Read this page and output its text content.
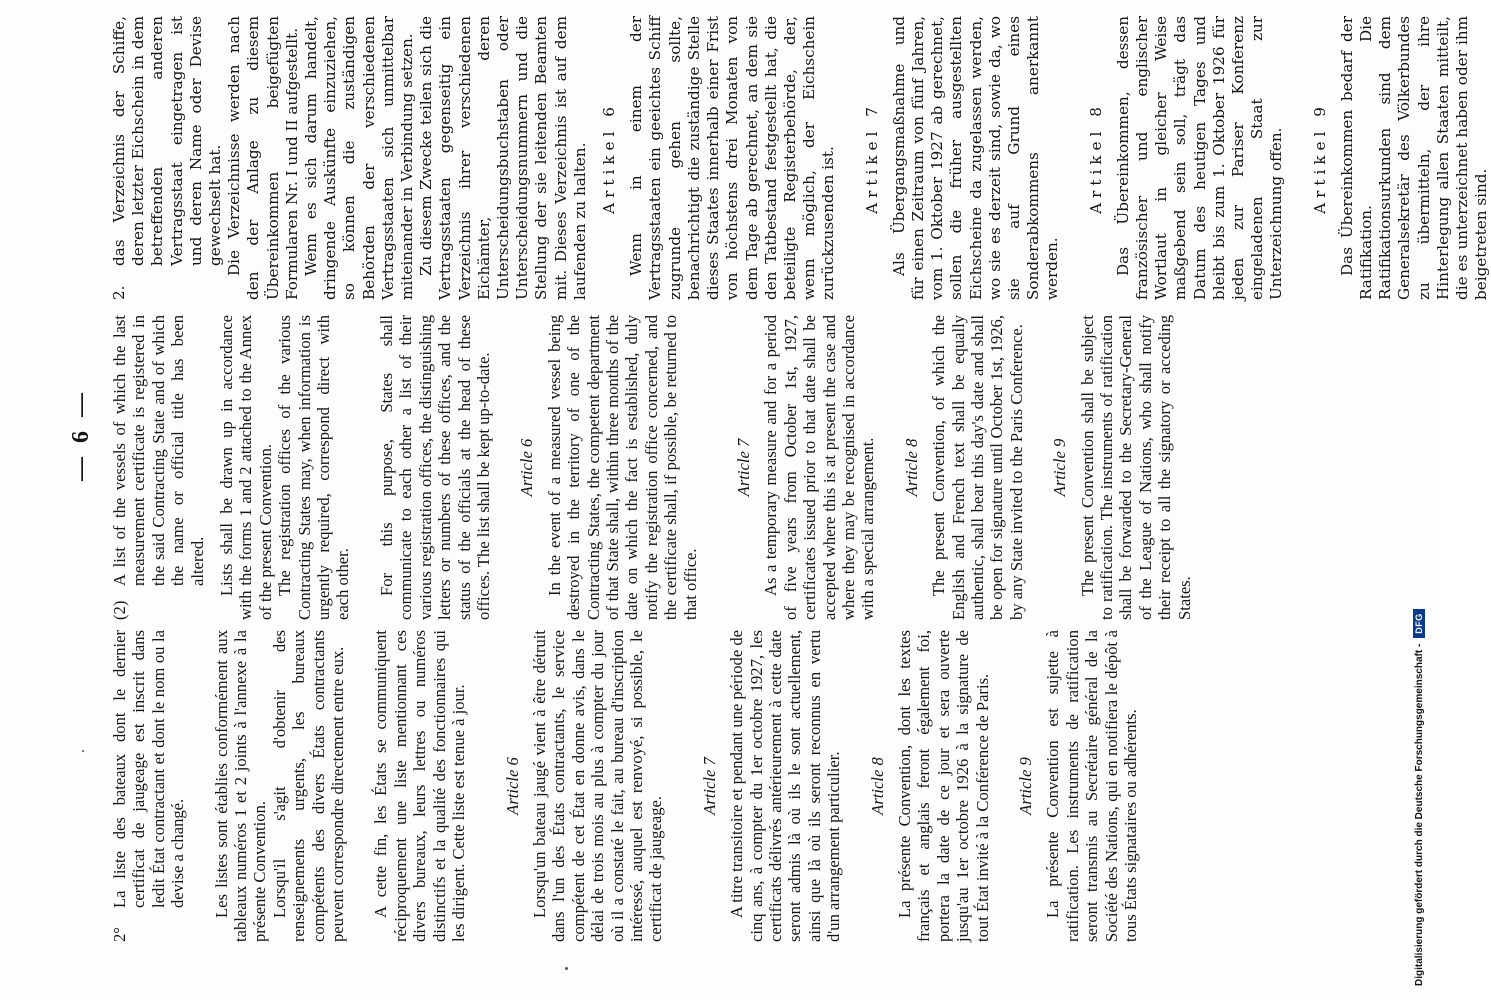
— 6 —

2°
La liste des bateaux dont le dernier certificat de jaugeage est inscrit dans ledit État contractant et dont le nom ou la devise a changé. Les listes sont établies conformément aux tableaux numéros 1 et 2 joints à l'annexe à la présente Convention. Lorsqu'il s'agit d'obtenir des renseignements urgents, les bureaux compétents des divers États contractants peuvent correspondre directement entre eux. A cette fin, les États se communiquent réciproquement une liste mentionnant ces divers bureaux, leurs lettres ou numéros distinctifs et la qualité des fonctionnaires qui les dirigent. Cette liste est tenue à jour. Article 6 Lorsqu'un bateau jaugé vient à être détruit dans l'un des États contractants, le service compétent de cet État en donne avis, dans le délai de trois mois au plus à compter du jour où il a constaté le fait, au bureau d'inscription intéressé, auquel est renvoyé, si possible, le certificat de jaugeage.

Article 7 A titre transitoire et pendant une période de cinq ans, à compter du 1er octobre 1927, les certificats délivrés antérieurement à cette date seront admis là où ils le sont actuellement, ainsi que là où ils seront reconnus en vertu d'un arrangement particulier. Article 8 La présente Convention, dont les textes français et anglais feront également foi, portera la date de ce jour et sera ouverte jusqu'au 1er octobre 1926 à la signature de tout État invité à la Conférence de Paris. Article 9 La présente Convention est sujette à ratification. Les instruments de ratification seront transmis au Secrétaire général de la Société des Nations, qui en notifiera le dépôt à tous États signataires ou adhérents.

(2)
A list of the vessels of which the last measurement certificate is registered in the said Contracting State and of which the name or official title has been altered. Lists shall be drawn up in accordance with the forms 1 and 2 attached to the Annex of the present Convention. The registration offices of the various Contracting States may, when information is urgently required, correspond direct with each other. For this purpose, States shall communicate to each other a list of their various registration offices, the distinguishing letters or numbers of these offices, and the status of the officials at the head of these offices. The list shall be kept up-to-date. Article 6 In the event of a measured vessel being destroyed in the territory of one of the Contracting States, the competent department of that State shall, within three months of the date on which the fact is established, duly notify the registration office concerned, and the certificate shall, if possible, be returned to that office.

Article 7 As a temporary measure and for a period of five years from October 1st, 1927, certificates issued prior to that date shall be accepted where this is at present the case and where they may be recognised in accordance with a special arrangement. Article 8 The present Convention, of which the English and French text shall be equally authentic, shall bear this day's date and shall be open for signature until October 1st, 1926, by any State invited to the Paris Conference. Article 9 The present Convention shall be subject to ratification. The instruments of ratification shall be forwarded to the Secretary-General of the League of Nations, who shall notify their receipt to all the signatory or acceding States.

2.
das Verzeichnis der Schiffe, deren letzter Eichschein in dem betreffenden anderen Vertragsstaat eingetragen ist und deren Name oder Devise gewechselt hat. Die Verzeichnisse werden nach den der Anlage zu diesem Übereinkommen beigefügten Formularen Nr. I und II aufgestellt. Wenn es sich darum handelt, dringende Auskünfte einzuziehen, so können die zuständigen Behörden der verschiedenen Vertragsstaaten sich unmittelbar miteinander in Verbindung setzen. Zu diesem Zwecke teilen sich die Vertragsstaaten gegenseitig ein Verzeichnis ihrer verschiedenen Eichämter, deren Unterscheidungsbuchstaben oder Unterscheidungsnummern und die Stellung der sie leitenden Beamten mit. Dieses Verzeichnis ist auf dem laufenden zu halten. Artikel 6 Wenn in einem der Vertragsstaaten ein geeichtes Schiff zugrunde gehen sollte, benachrichtigt die zuständige Stelle dieses Staates innerhalb einer Frist von höchstens drei Monaten von dem Tage ab gerechnet, an dem sie den Tatbestand festgestellt hat, die beteiligte Registerbehörde, der, wenn möglich, der Eichschein zurückzusenden ist. Artikel 7 Als Übergangsmaßnahme und für einen Zeitraum von fünf Jahren, vom 1. Oktober 1927 ab gerechnet, sollen die früher ausgestellten Eichscheine da zugelassen werden, wo sie es derzeit sind, sowie da, wo sie auf Grund eines Sonderabkommens anerkannt werden.

Artikel 8 Das Übereinkommen, dessen französischer und englischer Wortlaut in gleicher Weise maßgebend sein soll, trägt das Datum des heutigen Tages und bleibt bis zum 1. Oktober 1926 für jeden zur Pariser Konferenz eingeladenen Staat zur Unterzeichnung offen. Artikel 9 Das Übereinkommen bedarf der Ratifikation. Die Ratifikationsurkunden sind dem Generalsekretär des Völkerbundes zu übermitteln, der ihre Hinterlegung allen Staaten mitteilt, die es unterzeichnet haben oder ihm beigetreten sind.

Digitalisierung gefördert durch die Deutsche Forschungsgemeinschaft -
DFG
